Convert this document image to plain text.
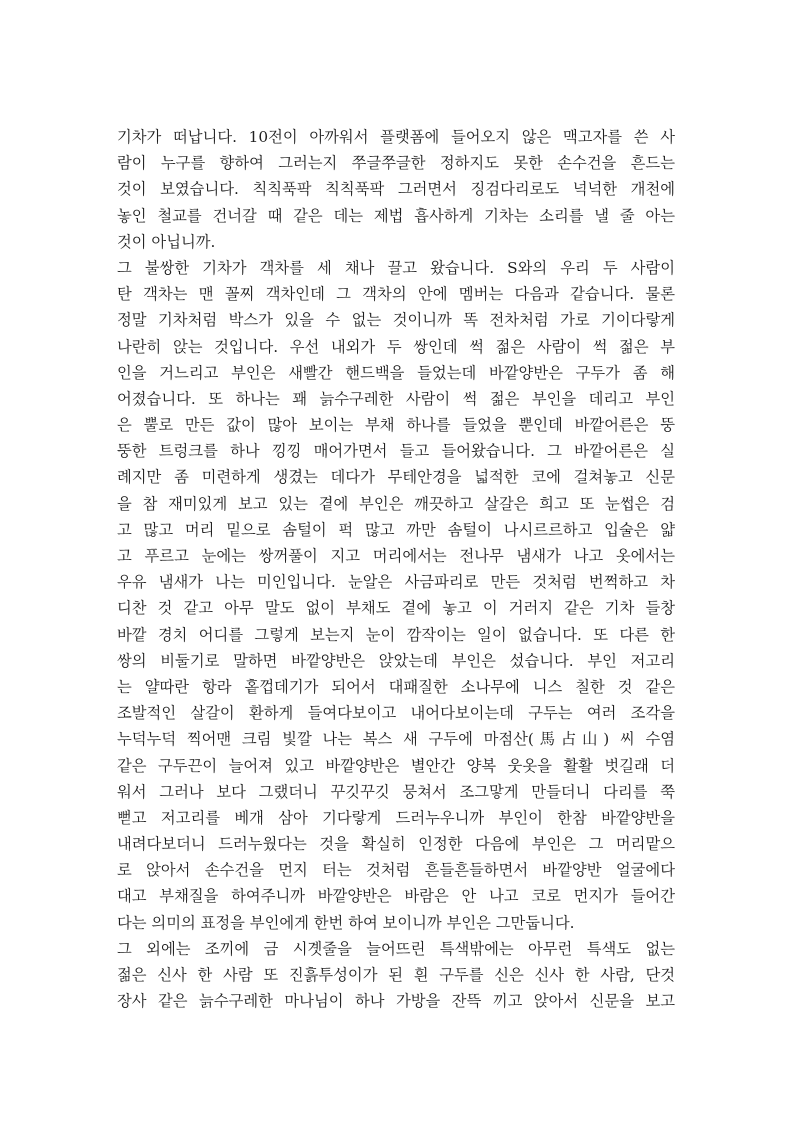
기차가 떠납니다. 10전이 아까워서 플랫폼에 들어오지 않은 맥고자를 쓴 사
람이 누구를 향하여 그러는지 쭈글쭈글한 정하지도 못한 손수건을 흔드는
것이 보였습니다. 칙칙푹팍 칙칙푹팍 그러면서 징검다리로도 넉넉한 개천에
놓인 철교를 건너갈 때 같은 데는 제법 흡사하게 기차는 소리를 낼 줄 아는
것이 아닙니까.
그 불쌍한 기차가 객차를 세 채나 끌고 왔습니다. S와의 우리 두 사람이
탄 객차는 맨 꼴찌 객차인데 그 객차의 안에 멤버는 다음과 같습니다. 물론
정말 기차처럼 박스가 있을 수 없는 것이니까 똑 전차처럼 가로 기이다랗게
나란히 앉는 것입니다. 우선 내외가 두 쌍인데 썩 젊은 사람이 썩 젊은 부
인을 거느리고 부인은 새빨간 핸드백을 들었는데 바깥양반은 구두가 좀 해
어졌습니다. 또 하나는 꽤 늙수구레한 사람이 썩 젊은 부인을 데리고 부인
은 뿔로 만든 값이 많아 보이는 부채 하나를 들었을 뿐인데 바깥어른은 뚱
뚱한 트렁크를 하나 낑낑 매어가면서 들고 들어왔습니다. 그 바깥어른은 실
례지만 좀 미련하게 생겼는 데다가 무테안경을 넓적한 코에 걸쳐놓고 신문
을 참 재미있게 보고 있는 곁에 부인은 깨끗하고 살갈은 희고 또 눈썹은 검
고 많고 머리 밑으로 솜털이 퍽 많고 까만 솜털이 나시르르하고 입술은 얇
고 푸르고 눈에는 쌍꺼풀이 지고 머리에서는 전나무 냄새가 나고 옷에서는
우유 냄새가 나는 미인입니다. 눈알은 사금파리로 만든 것처럼 번쩍하고 차
디찬 것 같고 아무 말도 없이 부채도 곁에 놓고 이 거러지 같은 기차 들창
바깥 경치 어디를 그렇게 보는지 눈이 깜작이는 일이 없습니다. 또 다른 한
쌍의 비둘기로 말하면 바깥양반은 앉았는데 부인은 섰습니다. 부인 저고리
는 얄따란 항라 홑껍데기가 되어서 대패질한 소나무에 니스 칠한 것 같은
조발적인 살갈이 환하게 들여다보이고 내어다보이는데 구두는 여러 조각을
누덕누덕 찍어맨 크림 빛깔 나는 복스 새 구두에 마점산(馬占山) 씨 수염
같은 구두끈이 늘어져 있고 바깥양반은 별안간 양복 웃옷을 활활 벗길래 더
워서 그러나 보다 그랬더니 꾸깃꾸깃 뭉쳐서 조그맣게 만들더니 다리를 쭉
뻗고 저고리를 베개 삼아 기다랗게 드러누우니까 부인이 한참 바깥양반을
내려다보더니 드러누웠다는 것을 확실히 인정한 다음에 부인은 그 머리맡으
로 앉아서 손수건을 먼지 터는 것처럼 흔들흔들하면서 바깥양반 얼굴에다
대고 부채질을 하여주니까 바깥양반은 바람은 안 나고 코로 먼지가 들어간
다는 의미의 표정을 부인에게 한번 하여 보이니까 부인은 그만둡니다.
그 외에는 조끼에 금 시곗줄을 늘어뜨린 특색밖에는 아무런 특색도 없는
젊은 신사 한 사람 또 진흙투성이가 된 흰 구두를 신은 신사 한 사람, 단것
장사 같은 늙수구레한 마나님이 하나 가방을 잔뜩 끼고 앉아서 신문을 보고
